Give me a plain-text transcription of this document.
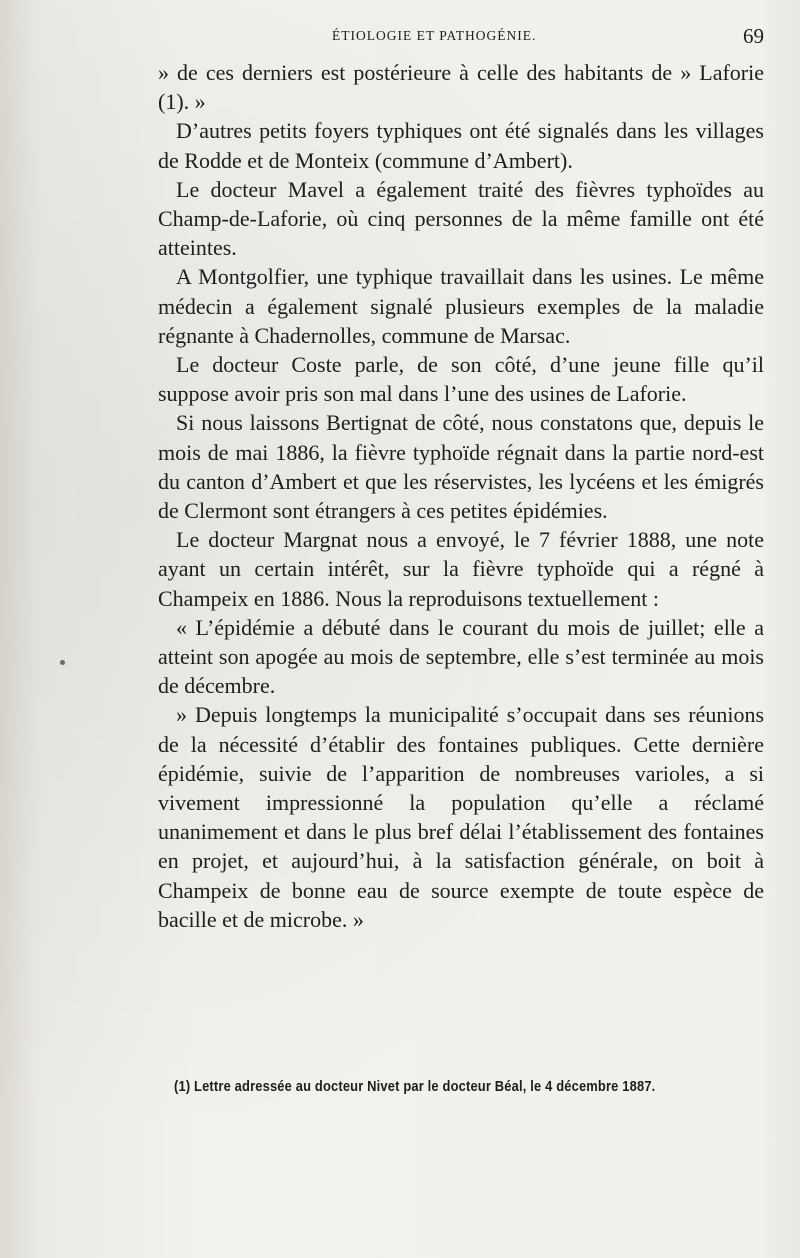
ÉTIOLOGIE ET PATHOGÉNIE.	69

» de ces derniers est postérieure à celle des habitants de » Laforie (1). »

D’autres petits foyers typhiques ont été signalés dans les villages de Rodde et de Monteix (commune d’Ambert).

Le docteur Mavel a également traité des fièvres typhoïdes au Champ-de-Laforie, où cinq personnes de la même famille ont été atteintes.

A Montgolfier, une typhique travaillait dans les usines. Le même médecin a également signalé plusieurs exemples de la maladie régnante à Chadernolles, commune de Marsac.

Le docteur Coste parle, de son côté, d’une jeune fille qu’il suppose avoir pris son mal dans l’une des usines de Laforie.

Si nous laissons Bertignat de côté, nous constatons que, depuis le mois de mai 1886, la fièvre typhoïde régnait dans la partie nord-est du canton d’Ambert et que les réservistes, les lycéens et les émigrés de Clermont sont étrangers à ces petites épidémies.

Le docteur Margnat nous a envoyé, le 7 février 1888, une note ayant un certain intérêt, sur la fièvre typhoïde qui a régné à Champeix en 1886. Nous la reproduisons textuellement :

« L’épidémie a débuté dans le courant du mois de juillet; elle a atteint son apogée au mois de septembre, elle s’est terminée au mois de décembre.

» Depuis longtemps la municipalité s’occupait dans ses réunions de la nécessité d’établir des fontaines publiques. Cette dernière épidémie, suivie de l’apparition de nombreuses varioles, a si vivement impressionné la population qu’elle a réclamé unanimement et dans le plus bref délai l’établissement des fontaines en projet, et aujourd’hui, à la satisfaction générale, on boit à Champeix de bonne eau de source exempte de toute espèce de bacille et de microbe. »

(1) Lettre adressée au docteur Nivet par le docteur Béal, le 4 décembre 1887.
